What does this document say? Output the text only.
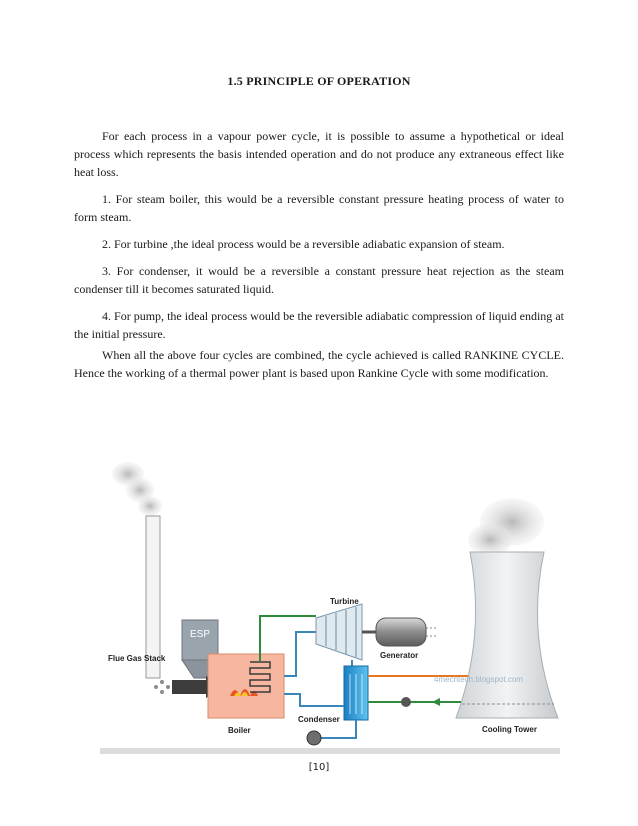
1.5 PRINCIPLE OF OPERATION

For each process in a vapour power cycle, it is possible to assume a hypothetical or ideal process which represents the basis intended operation and do not produce any extraneous effect like heat loss.

1. For steam boiler, this would be a reversible constant pressure heating process of water to form steam.

2. For turbine ,the ideal process would be a reversible adiabatic expansion of steam.

3. For condenser, it would be a reversible a constant pressure heat rejection as the steam condenser till it becomes saturated liquid.

4. For pump, the ideal process would be the reversible adiabatic compression of liquid ending at the initial pressure.

When all the above four cycles are combined, the cycle achieved is called RANKINE CYCLE. Hence the working of a thermal power plant is based upon Rankine Cycle with some modification.

ESP
Flue Gas Stack
Boiler
Turbine
Generator
Condenser
4mechtech.blogspot.com
Cooling Tower
[10]
